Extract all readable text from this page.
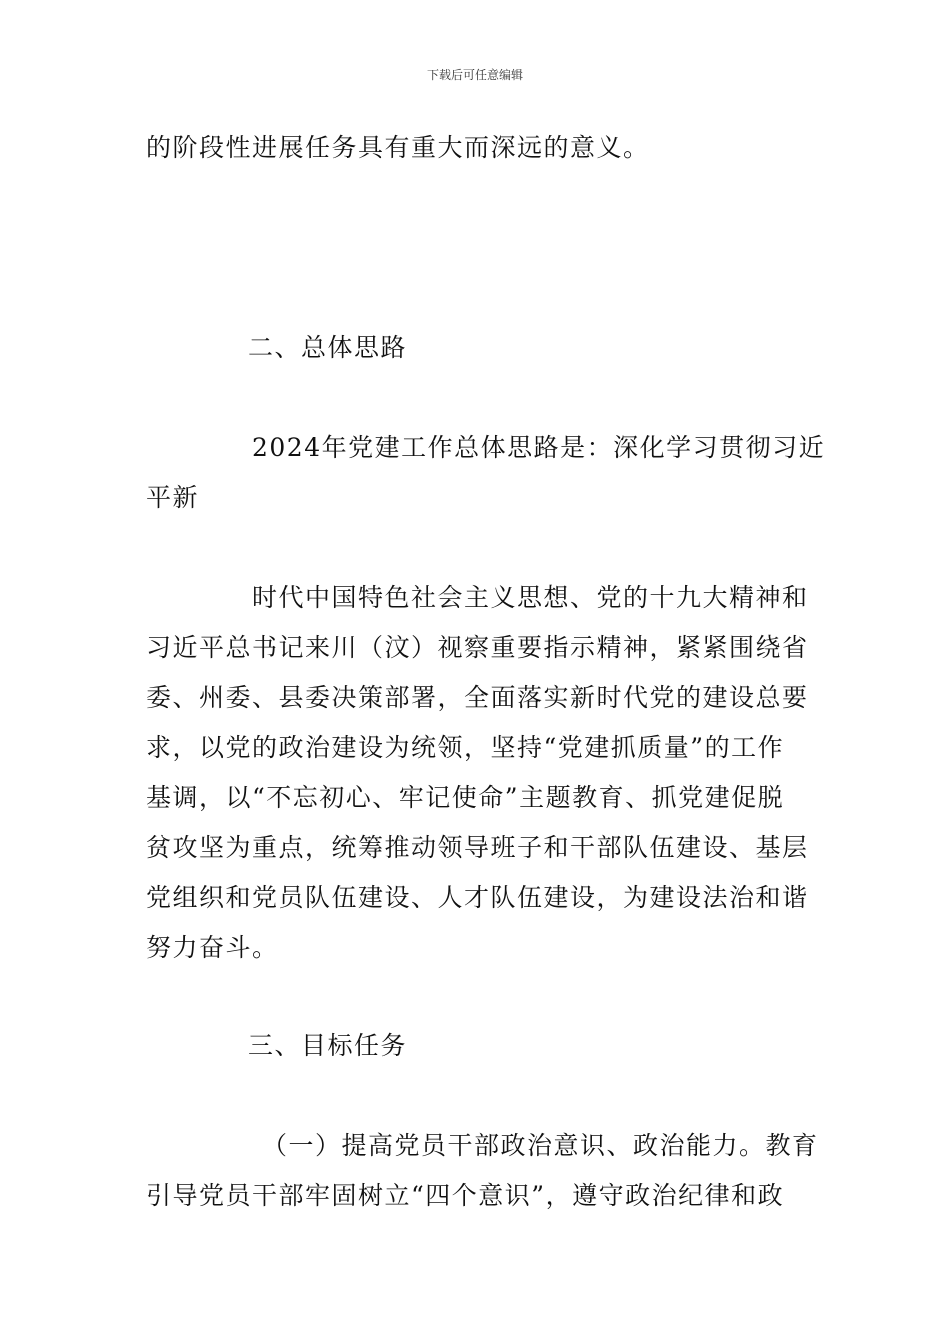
下载后可任意编辑
的阶段性进展任务具有重大而深远的意义。
二、总体思路
2024年党建工作总体思路是：深化学习贯彻习近
平新
时代中国特色社会主义思想、党的十九大精神和
习近平总书记来川（汶）视察重要指示精神，紧紧围绕省
委、州委、县委决策部署，全面落实新时代党的建设总要
求，以党的政治建设为统领，坚持“党建抓质量”的工作
基调，以“不忘初心、牢记使命”主题教育、抓党建促脱
贫攻坚为重点，统筹推动领导班子和干部队伍建设、基层
党组织和党员队伍建设、人才队伍建设，为建设法治和谐
努力奋斗。
三、目标任务
（一）提高党员干部政治意识、政治能力。教育
引导党员干部牢固树立“四个意识”，遵守政治纪律和政
